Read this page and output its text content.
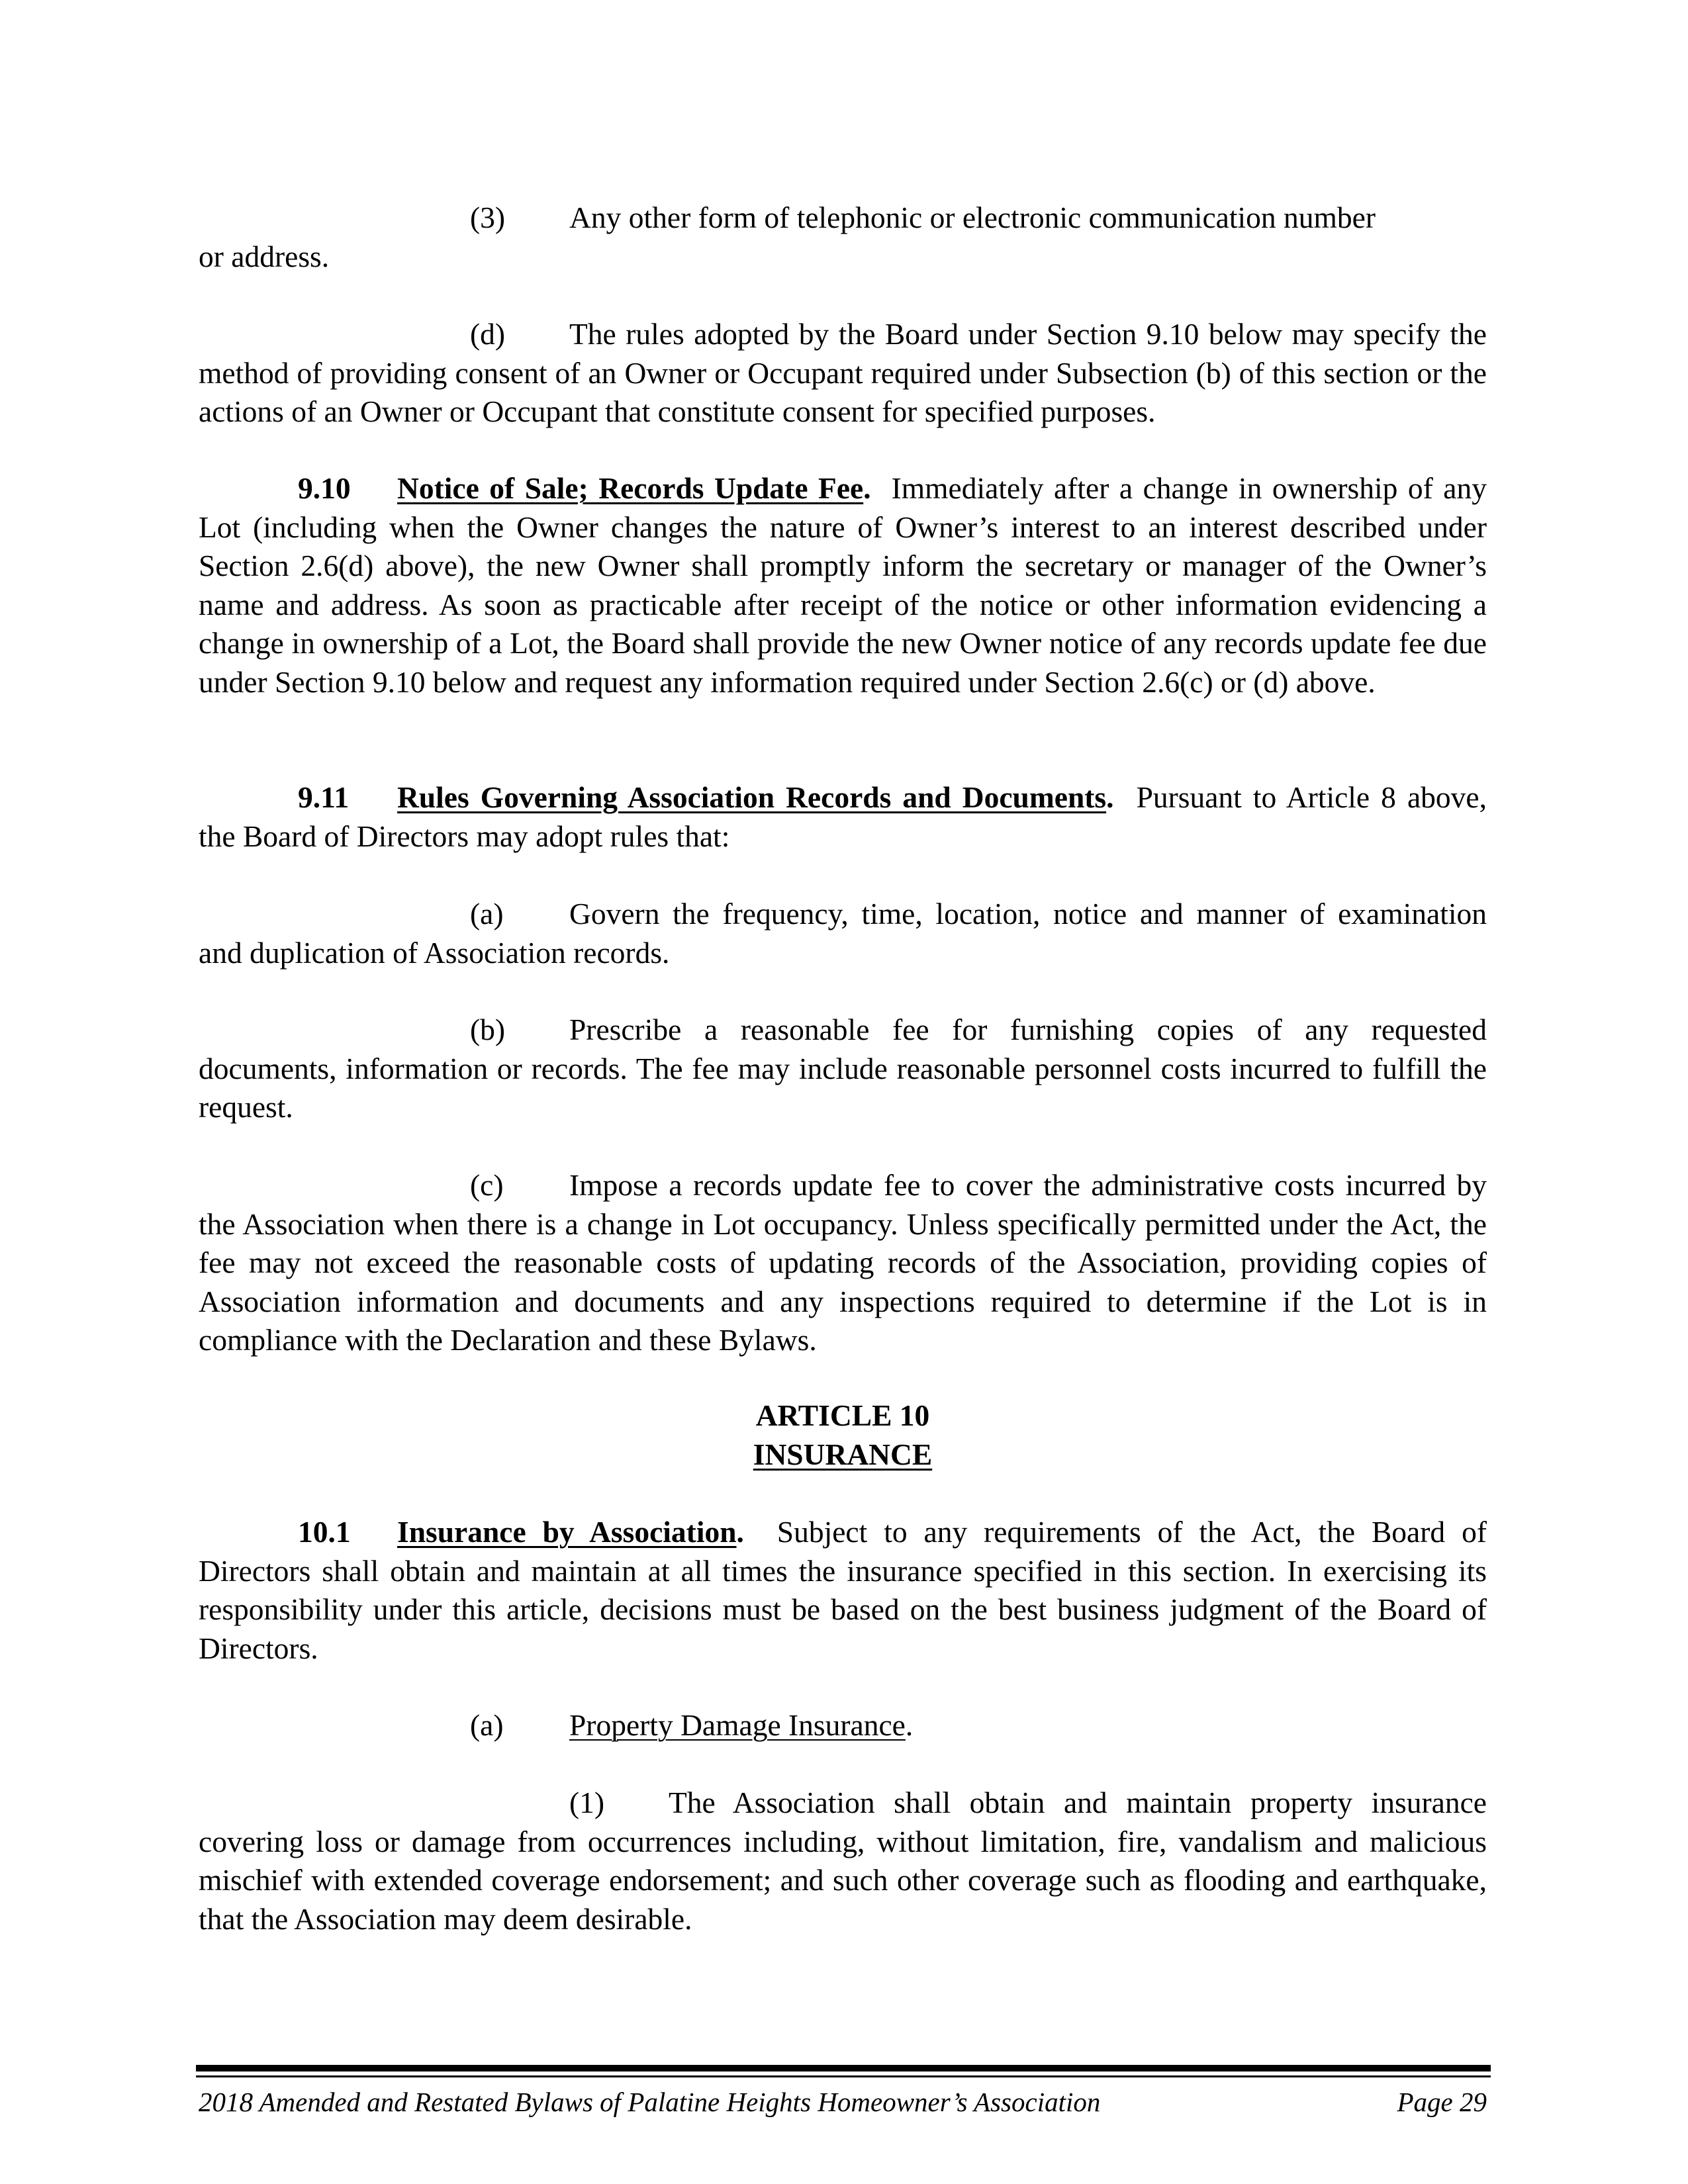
(3) Any other form of telephonic or electronic communication number
or address.
(d) The rules adopted by the Board under Section 9.10 below may specify the method of providing consent of an Owner or Occupant required under Subsection (b) of this section or the actions of an Owner or Occupant that constitute consent for specified purposes.
9.10 Notice of Sale; Records Update Fee. Immediately after a change in ownership of any Lot (including when the Owner changes the nature of Owner’s interest to an interest described under Section 2.6(d) above), the new Owner shall promptly inform the secretary or manager of the Owner’s name and address. As soon as practicable after receipt of the notice or other information evidencing a change in ownership of a Lot, the Board shall provide the new Owner notice of any records update fee due under Section 9.10 below and request any information required under Section 2.6(c) or (d) above.
9.11 Rules Governing Association Records and Documents. Pursuant to Article 8 above, the Board of Directors may adopt rules that:
(a) Govern the frequency, time, location, notice and manner of examination and duplication of Association records.
(b) Prescribe a reasonable fee for furnishing copies of any requested documents, information or records. The fee may include reasonable personnel costs incurred to fulfill the request.
(c) Impose a records update fee to cover the administrative costs incurred by the Association when there is a change in Lot occupancy. Unless specifically permitted under the Act, the fee may not exceed the reasonable costs of updating records of the Association, providing copies of Association information and documents and any inspections required to determine if the Lot is in compliance with the Declaration and these Bylaws.
ARTICLE 10
INSURANCE
10.1 Insurance by Association. Subject to any requirements of the Act, the Board of Directors shall obtain and maintain at all times the insurance specified in this section. In exercising its responsibility under this article, decisions must be based on the best business judgment of the Board of Directors.
(a) Property Damage Insurance.
(1) The Association shall obtain and maintain property insurance covering loss or damage from occurrences including, without limitation, fire, vandalism and malicious mischief with extended coverage endorsement; and such other coverage such as flooding and earthquake, that the Association may deem desirable.
2018 Amended and Restated Bylaws of Palatine Heights Homeowner’s Association	Page 29
